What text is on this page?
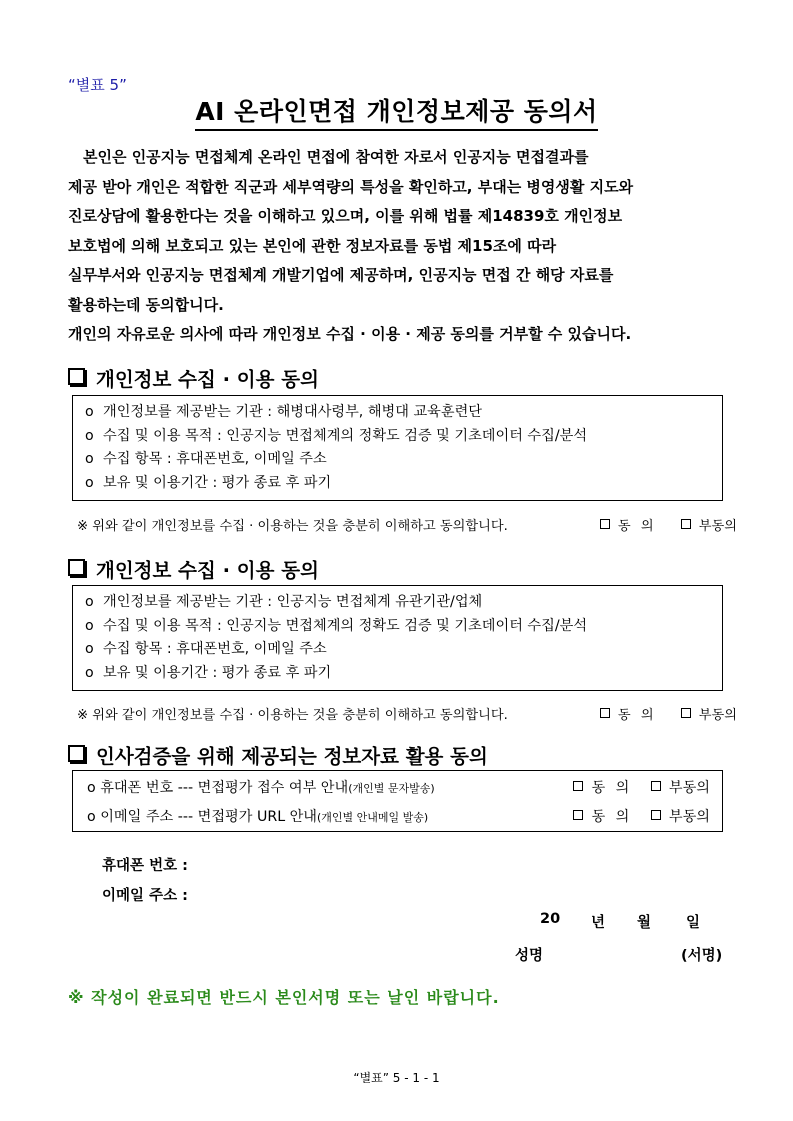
“별표 5”
AI 온라인면접 개인정보제공 동의서
본인은 인공지능 면접체계 온라인 면접에 참여한 자로서 인공지능 면접결과를
제공 받아 개인은 적합한 직군과 세부역량의 특성을 확인하고, 부대는 병영생활 지도와
진로상담에 활용한다는 것을 이해하고 있으며, 이를 위해 법률 제14839호 개인정보
보호법에 의해 보호되고 있는 본인에 관한 정보자료를 동법 제15조에 따라
실무부서와 인공지능 면접체계 개발기업에 제공하며, 인공지능 면접 간 해당 자료를
활용하는데 동의합니다.
개인의 자유로운 의사에 따라 개인정보 수집 · 이용 · 제공 동의를 거부할 수 있습니다.
개인정보 수집 · 이용 동의
o 개인정보를 제공받는 기관 : 해병대사령부, 해병대 교육훈련단
o 수집 및 이용 목적 : 인공지능 면접체계의 정확도 검증 및 기초데이터 수집/분석
o 수집 항목 : 휴대폰번호, 이메일 주소
o 보유 및 이용기간 : 평가 종료 후 파기
※ 위와 같이 개인정보를 수집 · 이용하는 것을 충분히 이해하고 동의합니다.	동 의	부동의
개인정보 수집 · 이용 동의
o 개인정보를 제공받는 기관 : 인공지능 면접체계 유관기관/업체
o 수집 및 이용 목적 : 인공지능 면접체계의 정확도 검증 및 기초데이터 수집/분석
o 수집 항목 : 휴대폰번호, 이메일 주소
o 보유 및 이용기간 : 평가 종료 후 파기
※ 위와 같이 개인정보를 수집 · 이용하는 것을 충분히 이해하고 동의합니다.	동 의	부동의
인사검증을 위해 제공되는 정보자료 활용 동의
o 휴대폰 번호 --- 면접평가 접수 여부 안내(개인별 문자발송)	동 의	부동의
o 이메일 주소 --- 면접평가 URL 안내(개인별 안내메일 발송)	동 의	부동의
휴대폰 번호 :
이메일 주소 :
20 년 월 일
성명	(서명)
※ 작성이 완료되면 반드시 본인서명 또는 날인 바랍니다.
“별표” 5 - 1 - 1
